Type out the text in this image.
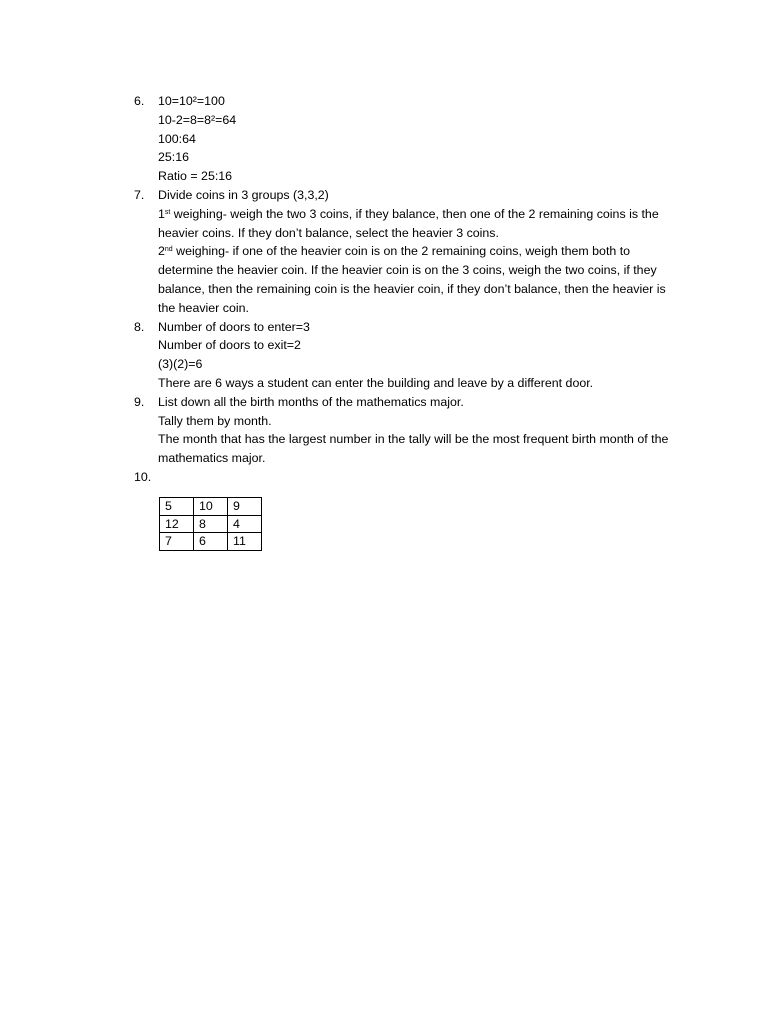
6.	10=10²=100
10-2=8=8²=64
100:64
25:16
Ratio = 25:16
7.	Divide coins in 3 groups (3,3,2)
1st weighing- weigh the two 3 coins, if they balance, then one of the 2 remaining coins is the heavier coins. If they don’t balance, select the heavier 3 coins.
2nd weighing- if one of the heavier coin is on the 2 remaining coins, weigh them both to determine the heavier coin. If the heavier coin is on the 3 coins, weigh the two coins, if they balance, then the remaining coin is the heavier coin, if they don’t balance, then the heavier is the heavier coin.
8.	Number of doors to enter=3
Number of doors to exit=2
(3)(2)=6
There are 6 ways a student can enter the building and leave by a different door.
9.	List down all the birth months of the mathematics major.
Tally them by month.
The month that has the largest number in the tally will be the most frequent birth month of the mathematics major.
10.
5	10	9
12	8	4
7	6	11
